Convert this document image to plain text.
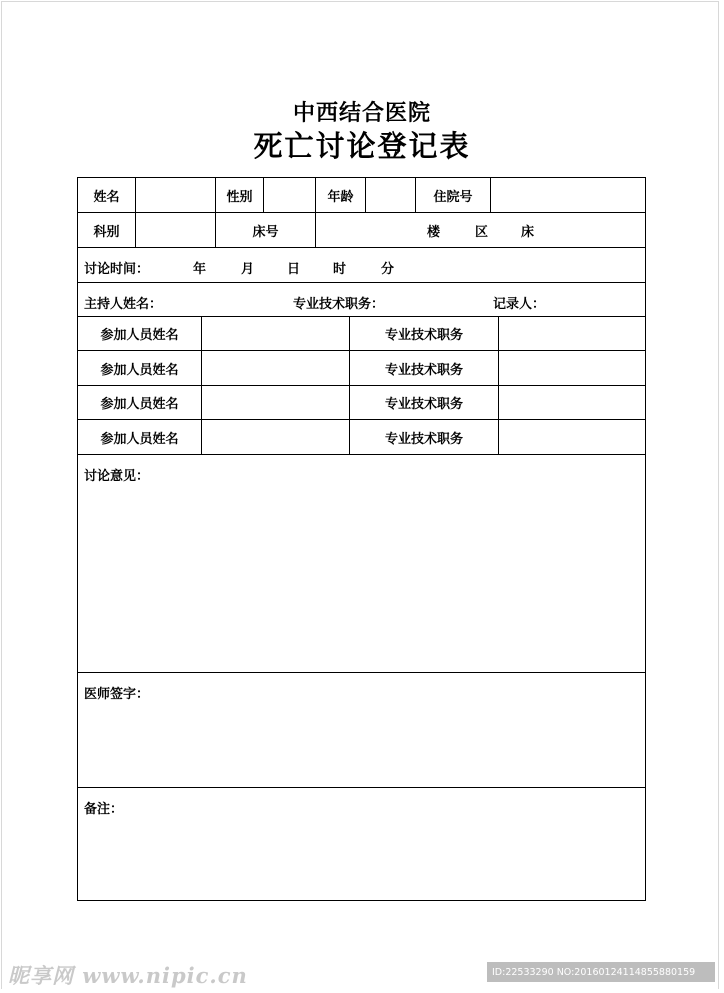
中西结合医院
死亡讨论登记表
姓名	性别	年龄	住院号
科别	床号	楼	区	床
讨论时间：	年	月	日	时	分
主持人姓名：	专业技术职务：	记录人：
参加人员姓名	专业技术职务
参加人员姓名	专业技术职务
参加人员姓名	专业技术职务
参加人员姓名	专业技术职务
讨论意见：
医师签字：
备注：
昵享网 www.nipic.cn	ID:22533290 NO:20160124114855880159
